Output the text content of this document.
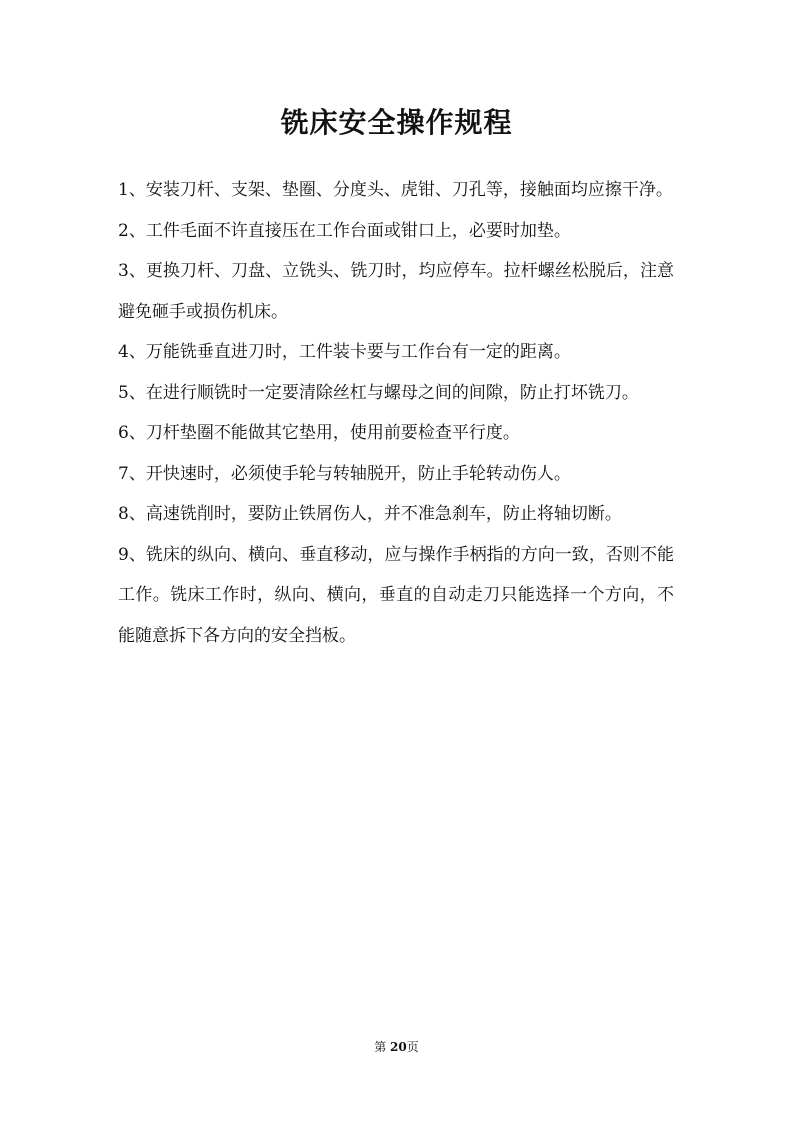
铣床安全操作规程

1、安装刀杆、支架、垫圈、分度头、虎钳、刀孔等，接触面均应擦干净。

2、工件毛面不许直接压在工作台面或钳口上，必要时加垫。

3、更换刀杆、刀盘、立铣头、铣刀时，均应停车。拉杆螺丝松脱后，注意避免砸手或损伤机床。

4、万能铣垂直进刀时，工件装卡要与工作台有一定的距离。

5、在进行顺铣时一定要清除丝杠与螺母之间的间隙，防止打坏铣刀。

6、刀杆垫圈不能做其它垫用，使用前要检查平行度。

7、开快速时，必须使手轮与转轴脱开，防止手轮转动伤人。

8、高速铣削时，要防止铁屑伤人，并不准急刹车，防止将轴切断。

9、铣床的纵向、横向、垂直移动，应与操作手柄指的方向一致，否则不能工作。铣床工作时，纵向、横向，垂直的自动走刀只能选择一个方向，不能随意拆下各方向的安全挡板。

第 20页
